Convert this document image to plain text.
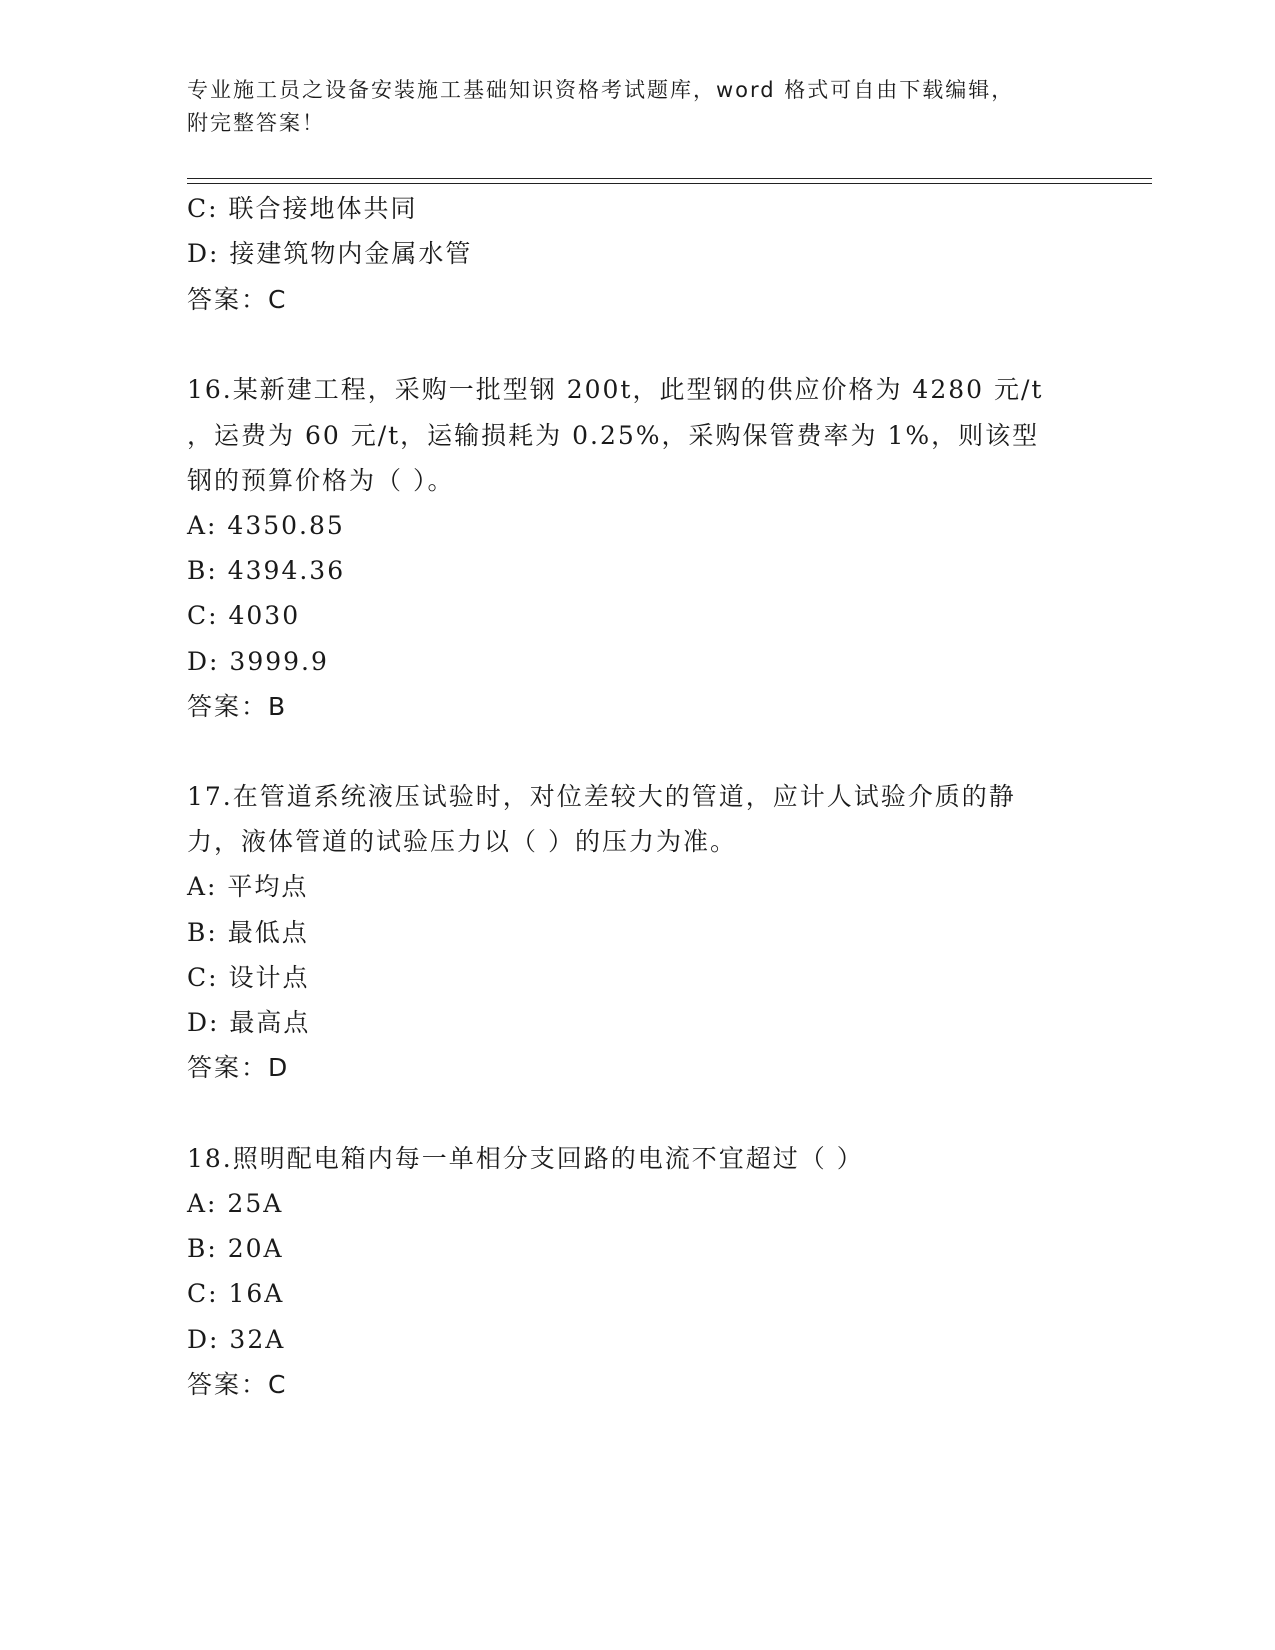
专业施工员之设备安装施工基础知识资格考试题库，word 格式可自由下载编辑，
附完整答案！

C: 联合接地体共同

D: 接建筑物内金属水管

答案：C

16.某新建工程，采购一批型钢 200t，此型钢的供应价格为 4280 元/t

，运费为 60 元/t，运输损耗为 0.25%，采购保管费率为 1%，则该型

钢的预算价格为（ ）。

A: 4350.85

B: 4394.36

C: 4030

D: 3999.9

答案：B

17.在管道系统液压试验时，对位差较大的管道，应计人试验介质的静

力，液体管道的试验压力以（ ）的压力为准。

A: 平均点

B: 最低点

C: 设计点

D: 最高点

答案：D

18.照明配电箱内每一单相分支回路的电流不宜超过（ ）

A: 25A

B: 20A

C: 16A

D: 32A

答案：C
